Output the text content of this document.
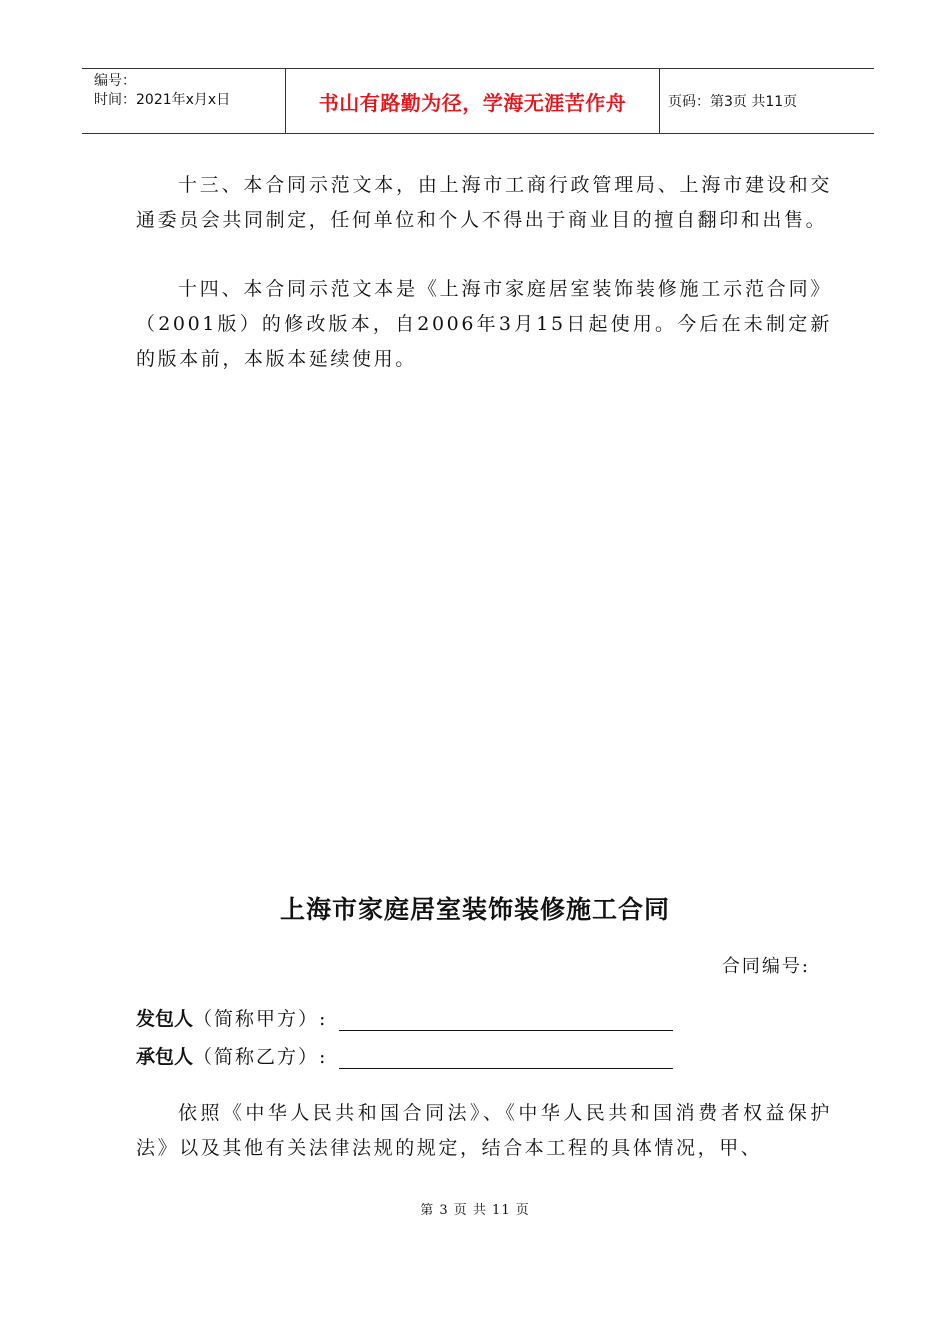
编号：
时间：2021年x月x日	书山有路勤为径，学海无涯苦作舟	页码：第3页 共11页

十三、本合同示范文本，由上海市工商行政管理局、上海市建设和交通委员会共同制定，任何单位和个人不得出于商业目的擅自翻印和出售。

十四、本合同示范文本是《上海市家庭居室装饰装修施工示范合同》（2001版）的修改版本，自2006年3月15日起使用。今后在未制定新的版本前，本版本延续使用。

上海市家庭居室装饰装修施工合同
合同编号:
发包人 （简称甲方）:
承包人 （简称乙方）:

依照《中华人民共和国合同法》、《中华人民共和国消费者权益保护法》以及其他有关法律法规的规定，结合本工程的具体情况，甲、

第 3 页 共 11 页
